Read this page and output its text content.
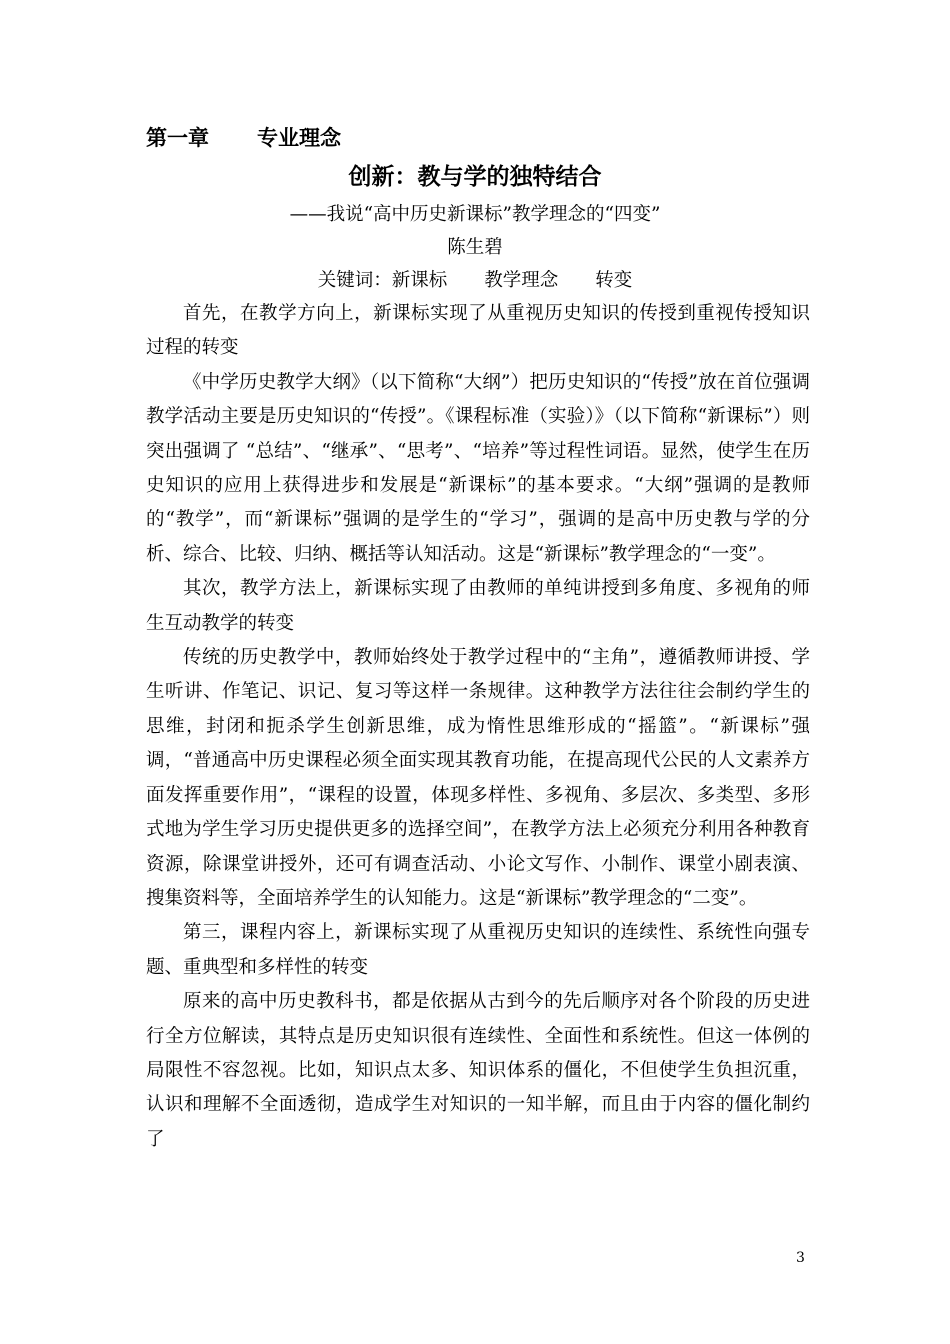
第一章 专业理念
创新：教与学的独特结合
——我说“高中历史新课标”教学理念的“四变”
陈生碧
关键词：新课标　　教学理念　　转变

首先，在教学方向上，新课标实现了从重视历史知识的传授到重视传授知识过程的转变

《中学历史教学大纲》（以下简称“大纲”）把历史知识的“传授”放在首位强调教学活动主要是历史知识的“传授”。《课程标准（实验）》（以下简称“新课标”）则突出强调了 “总结”、“继承”、“思考”、“培养”等过程性词语。显然，使学生在历史知识的应用上获得进步和发展是“新课标”的基本要求。“大纲”强调的是教师的“教学”，而“新课标”强调的是学生的“学习”，强调的是高中历史教与学的分析、综合、比较、归纳、概括等认知活动。这是“新课标”教学理念的“一变”。

其次，教学方法上，新课标实现了由教师的单纯讲授到多角度、多视角的师生互动教学的转变

传统的历史教学中，教师始终处于教学过程中的“主角”，遵循教师讲授、学生听讲、作笔记、识记、复习等这样一条规律。这种教学方法往往会制约学生的思维，封闭和扼杀学生创新思维，成为惰性思维形成的“摇篮”。“新课标”强调，“普通高中历史课程必须全面实现其教育功能，在提高现代公民的人文素养方面发挥重要作用”，“课程的设置，体现多样性、多视角、多层次、多类型、多形式地为学生学习历史提供更多的选择空间”，在教学方法上必须充分利用各种教育资源，除课堂讲授外，还可有调查活动、小论文写作、小制作、课堂小剧表演、搜集资料等，全面培养学生的认知能力。这是“新课标”教学理念的“二变”。

第三，课程内容上，新课标实现了从重视历史知识的连续性、系统性向强专题、重典型和多样性的转变

原来的高中历史教科书，都是依据从古到今的先后顺序对各个阶段的历史进行全方位解读，其特点是历史知识很有连续性、全面性和系统性。但这一体例的局限性不容忽视。比如，知识点太多、知识体系的僵化，不但使学生负担沉重，认识和理解不全面透彻，造成学生对知识的一知半解，而且由于内容的僵化制约了

3
